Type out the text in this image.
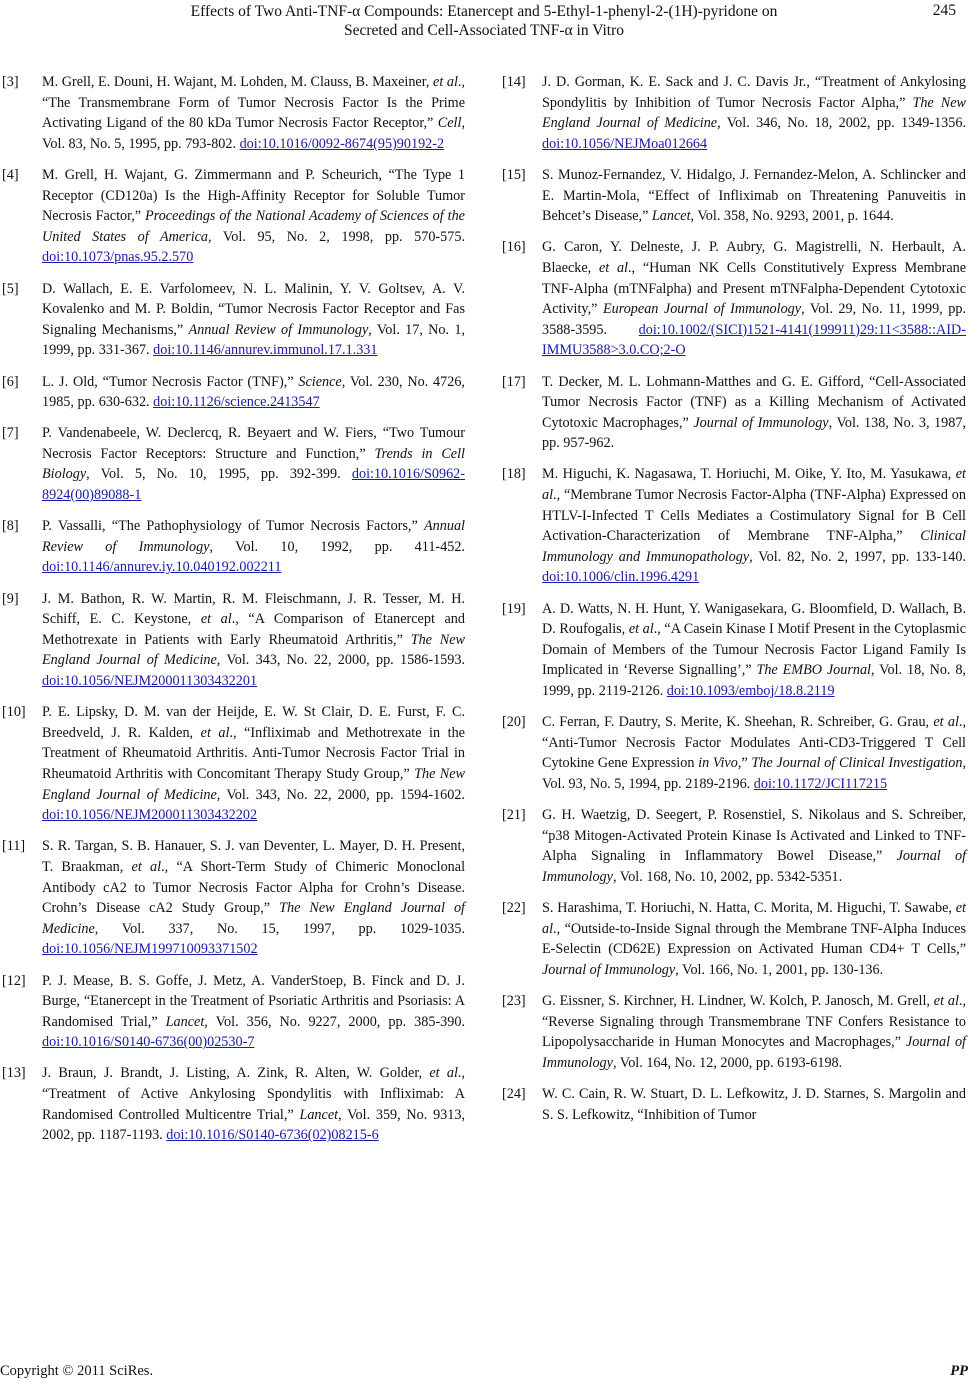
Effects of Two Anti-TNF-α Compounds: Etanercept and 5-Ethyl-1-phenyl-2-(1H)-pyridone on
Secreted and Cell-Associated TNF-α in Vitro
245
[3] M. Grell, E. Douni, H. Wajant, M. Lohden, M. Clauss, B. Maxeiner, et al., “The Transmembrane Form of Tumor Necrosis Factor Is the Prime Activating Ligand of the 80 kDa Tumor Necrosis Factor Receptor,” Cell, Vol. 83, No. 5, 1995, pp. 793-802. doi:10.1016/0092-8674(95)90192-2
[4] M. Grell, H. Wajant, G. Zimmermann and P. Scheurich, “The Type 1 Receptor (CD120a) Is the High-Affinity Receptor for Soluble Tumor Necrosis Factor,” Proceedings of the National Academy of Sciences of the United States of America, Vol. 95, No. 2, 1998, pp. 570-575. doi:10.1073/pnas.95.2.570
[5] D. Wallach, E. E. Varfolomeev, N. L. Malinin, Y. V. Goltsev, A. V. Kovalenko and M. P. Boldin, “Tumor Necrosis Factor Receptor and Fas Signaling Mechanisms,” Annual Review of Immunology, Vol. 17, No. 1, 1999, pp. 331-367. doi:10.1146/annurev.immunol.17.1.331
[6] L. J. Old, “Tumor Necrosis Factor (TNF),” Science, Vol. 230, No. 4726, 1985, pp. 630-632. doi:10.1126/science.2413547
[7] P. Vandenabeele, W. Declercq, R. Beyaert and W. Fiers, “Two Tumour Necrosis Factor Receptors: Structure and Function,” Trends in Cell Biology, Vol. 5, No. 10, 1995, pp. 392-399. doi:10.1016/S0962-8924(00)89088-1
[8] P. Vassalli, “The Pathophysiology of Tumor Necrosis Factors,” Annual Review of Immunology, Vol. 10, 1992, pp. 411-452. doi:10.1146/annurev.iy.10.040192.002211
[9] J. M. Bathon, R. W. Martin, R. M. Fleischmann, J. R. Tesser, M. H. Schiff, E. C. Keystone, et al., “A Comparison of Etanercept and Methotrexate in Patients with Early Rheumatoid Arthritis,” The New England Journal of Medicine, Vol. 343, No. 22, 2000, pp. 1586-1593. doi:10.1056/NEJM200011303432201
[10] P. E. Lipsky, D. M. van der Heijde, E. W. St Clair, D. E. Furst, F. C. Breedveld, J. R. Kalden, et al., “Infliximab and Methotrexate in the Treatment of Rheumatoid Arthritis. Anti-Tumor Necrosis Factor Trial in Rheumatoid Arthritis with Concomitant Therapy Study Group,” The New England Journal of Medicine, Vol. 343, No. 22, 2000, pp. 1594-1602. doi:10.1056/NEJM200011303432202
[11] S. R. Targan, S. B. Hanauer, S. J. van Deventer, L. Mayer, D. H. Present, T. Braakman, et al., “A Short-Term Study of Chimeric Monoclonal Antibody cA2 to Tumor Necrosis Factor Alpha for Crohn’s Disease. Crohn’s Disease cA2 Study Group,” The New England Journal of Medicine, Vol. 337, No. 15, 1997, pp. 1029-1035. doi:10.1056/NEJM199710093371502
[12] P. J. Mease, B. S. Goffe, J. Metz, A. VanderStoep, B. Finck and D. J. Burge, “Etanercept in the Treatment of Psoriatic Arthritis and Psoriasis: A Randomised Trial,” Lancet, Vol. 356, No. 9227, 2000, pp. 385-390. doi:10.1016/S0140-6736(00)02530-7
[13] J. Braun, J. Brandt, J. Listing, A. Zink, R. Alten, W. Golder, et al., “Treatment of Active Ankylosing Spondylitis with Infliximab: A Randomised Controlled Multicentre Trial,” Lancet, Vol. 359, No. 9313, 2002, pp. 1187-1193. doi:10.1016/S0140-6736(02)08215-6
[14] J. D. Gorman, K. E. Sack and J. C. Davis Jr., “Treatment of Ankylosing Spondylitis by Inhibition of Tumor Necrosis Factor Alpha,” The New England Journal of Medicine, Vol. 346, No. 18, 2002, pp. 1349-1356. doi:10.1056/NEJMoa012664
[15] S. Munoz-Fernandez, V. Hidalgo, J. Fernandez-Melon, A. Schlincker and E. Martin-Mola, “Effect of Infliximab on Threatening Panuveitis in Behcet’s Disease,” Lancet, Vol. 358, No. 9293, 2001, p. 1644.
[16] G. Caron, Y. Delneste, J. P. Aubry, G. Magistrelli, N. Herbault, A. Blaecke, et al., “Human NK Cells Constitutively Express Membrane TNF-Alpha (mTNFalpha) and Present mTNFalpha-Dependent Cytotoxic Activity,” European Journal of Immunology, Vol. 29, No. 11, 1999, pp. 3588-3595. doi:10.1002/(SICI)1521-4141(199911)29:11<3588::AID-IMMU3588>3.0.CO;2-O
[17] T. Decker, M. L. Lohmann-Matthes and G. E. Gifford, “Cell-Associated Tumor Necrosis Factor (TNF) as a Killing Mechanism of Activated Cytotoxic Macrophages,” Journal of Immunology, Vol. 138, No. 3, 1987, pp. 957-962.
[18] M. Higuchi, K. Nagasawa, T. Horiuchi, M. Oike, Y. Ito, M. Yasukawa, et al., “Membrane Tumor Necrosis Factor-Alpha (TNF-Alpha) Expressed on HTLV-I-Infected T Cells Mediates a Costimulatory Signal for B Cell Activation-Characterization of Membrane TNF-Alpha,” Clinical Immunology and Immunopathology, Vol. 82, No. 2, 1997, pp. 133-140. doi:10.1006/clin.1996.4291
[19] A. D. Watts, N. H. Hunt, Y. Wanigasekara, G. Bloomfield, D. Wallach, B. D. Roufogalis, et al., “A Casein Kinase I Motif Present in the Cytoplasmic Domain of Members of the Tumour Necrosis Factor Ligand Family Is Implicated in ‘Reverse Signalling’,” The EMBO Journal, Vol. 18, No. 8, 1999, pp. 2119-2126. doi:10.1093/emboj/18.8.2119
[20] C. Ferran, F. Dautry, S. Merite, K. Sheehan, R. Schreiber, G. Grau, et al., “Anti-Tumor Necrosis Factor Modulates Anti-CD3-Triggered T Cell Cytokine Gene Expression in Vivo,” The Journal of Clinical Investigation, Vol. 93, No. 5, 1994, pp. 2189-2196. doi:10.1172/JCI117215
[21] G. H. Waetzig, D. Seegert, P. Rosenstiel, S. Nikolaus and S. Schreiber, “p38 Mitogen-Activated Protein Kinase Is Activated and Linked to TNF-Alpha Signaling in Inflammatory Bowel Disease,” Journal of Immunology, Vol. 168, No. 10, 2002, pp. 5342-5351.
[22] S. Harashima, T. Horiuchi, N. Hatta, C. Morita, M. Higuchi, T. Sawabe, et al., “Outside-to-Inside Signal through the Membrane TNF-Alpha Induces E-Selectin (CD62E) Expression on Activated Human CD4+ T Cells,” Journal of Immunology, Vol. 166, No. 1, 2001, pp. 130-136.
[23] G. Eissner, S. Kirchner, H. Lindner, W. Kolch, P. Janosch, M. Grell, et al., “Reverse Signaling through Transmembrane TNF Confers Resistance to Lipopolysaccharide in Human Monocytes and Macrophages,” Journal of Immunology, Vol. 164, No. 12, 2000, pp. 6193-6198.
[24] W. C. Cain, R. W. Stuart, D. L. Lefkowitz, J. D. Starnes, S. Margolin and S. S. Lefkowitz, “Inhibition of Tumor
Copyright © 2011 SciRes.	PP
